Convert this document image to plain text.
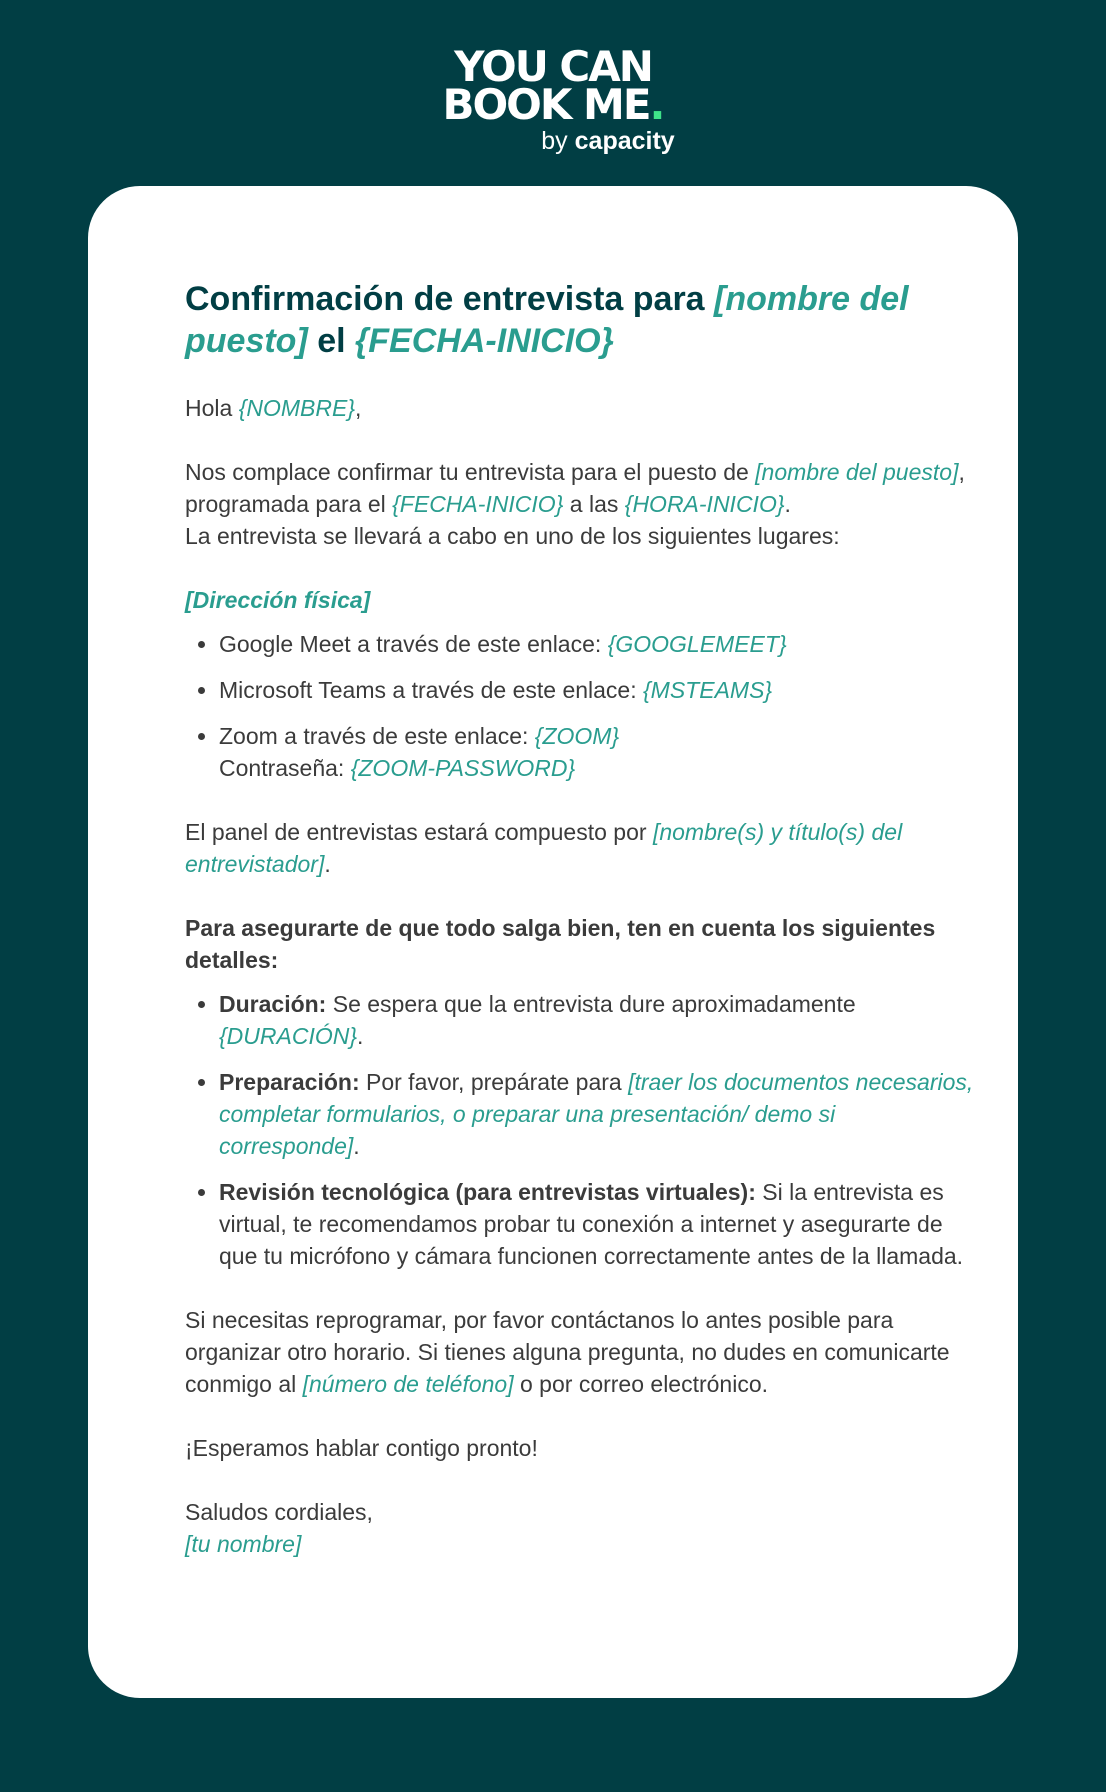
YOU CAN
BOOK ME.
by capacity
Confirmación de entrevista para [nombre del puesto] el {FECHA-INICIO}

Hola {NOMBRE},

Nos complace confirmar tu entrevista para el puesto de [nombre del puesto], programada para el {FECHA-INICIO} a las {HORA-INICIO}.
La entrevista se llevará a cabo en uno de los siguientes lugares:

[Dirección física]

• Google Meet a través de este enlace: {GOOGLEMEET}
• Microsoft Teams a través de este enlace: {MSTEAMS}
• Zoom a través de este enlace: {ZOOM}
Contraseña: {ZOOM-PASSWORD}

El panel de entrevistas estará compuesto por [nombre(s) y título(s) del entrevistador].

Para asegurarte de que todo salga bien, ten en cuenta los siguientes detalles:

• Duración: Se espera que la entrevista dure aproximadamente {DURACIÓN}.
• Preparación: Por favor, prepárate para [traer los documentos necesarios, completar formularios, o preparar una presentación/ demo si corresponde].
• Revisión tecnológica (para entrevistas virtuales): Si la entrevista es virtual, te recomendamos probar tu conexión a internet y asegurarte de que tu micrófono y cámara funcionen correctamente antes de la llamada.

Si necesitas reprogramar, por favor contáctanos lo antes posible para organizar otro horario. Si tienes alguna pregunta, no dudes en comunicarte conmigo al [número de teléfono] o por correo electrónico.

¡Esperamos hablar contigo pronto!

Saludos cordiales,
[tu nombre]
